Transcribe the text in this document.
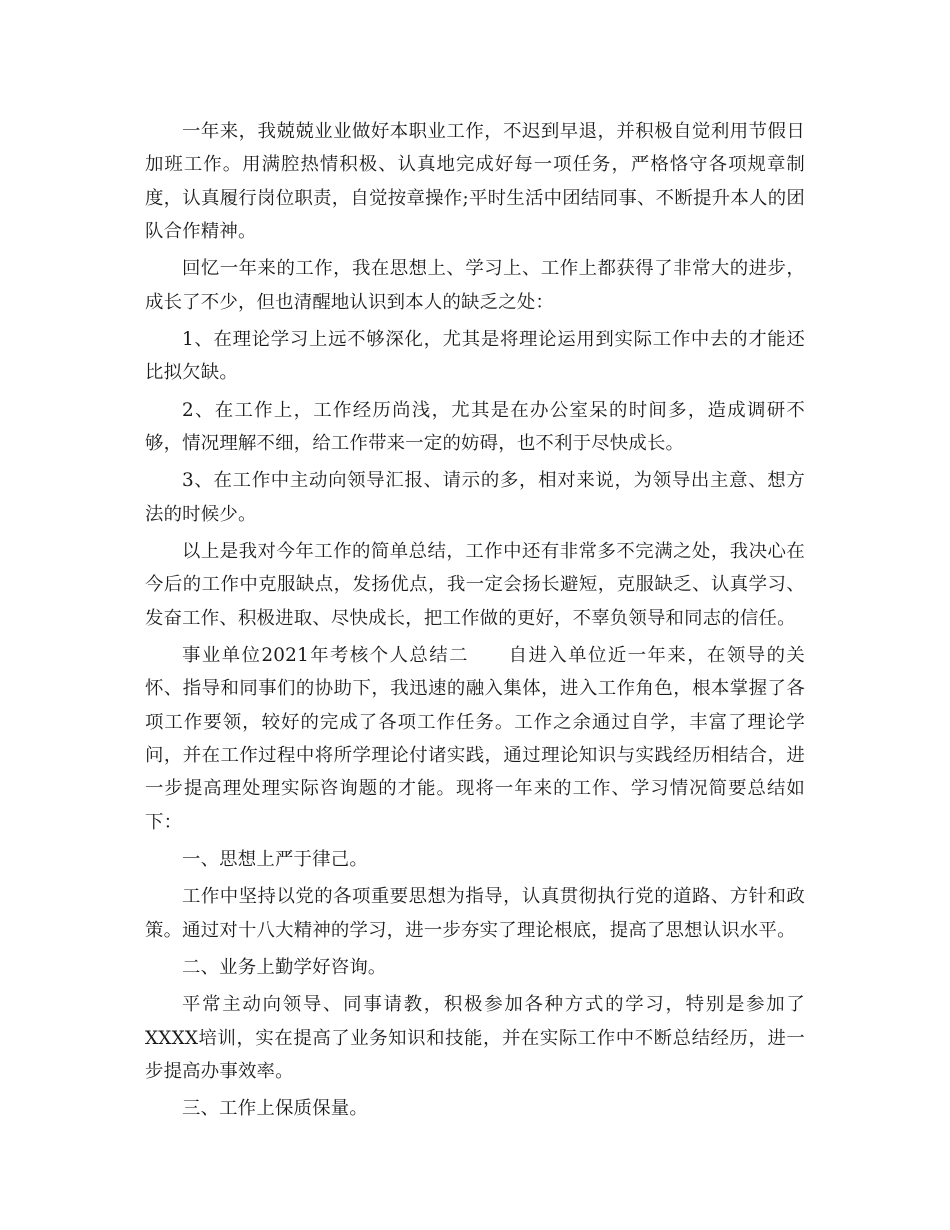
一年来，我兢兢业业做好本职业工作，不迟到早退，并积极自觉利用节假日加班工作。用满腔热情积极、认真地完成好每一项任务，严格恪守各项规章制度，认真履行岗位职责，自觉按章操作;平时生活中团结同事、不断提升本人的团队合作精神。

回忆一年来的工作，我在思想上、学习上、工作上都获得了非常大的进步，成长了不少，但也清醒地认识到本人的缺乏之处：

1、在理论学习上远不够深化，尤其是将理论运用到实际工作中去的才能还比拟欠缺。

2、在工作上，工作经历尚浅，尤其是在办公室呆的时间多，造成调研不够，情况理解不细，给工作带来一定的妨碍，也不利于尽快成长。

3、在工作中主动向领导汇报、请示的多，相对来说，为领导出主意、想方法的时候少。

以上是我对今年工作的简单总结，工作中还有非常多不完满之处，我决心在今后的工作中克服缺点，发扬优点，我一定会扬长避短，克服缺乏、认真学习、发奋工作、积极进取、尽快成长，把工作做的更好，不辜负领导和同志的信任。

事业单位2021年考核个人总结二　　自进入单位近一年来，在领导的关怀、指导和同事们的协助下，我迅速的融入集体，进入工作角色，根本掌握了各项工作要领，较好的完成了各项工作任务。工作之余通过自学，丰富了理论学问，并在工作过程中将所学理论付诸实践，通过理论知识与实践经历相结合，进一步提高理处理实际咨询题的才能。现将一年来的工作、学习情况简要总结如下：

一、思想上严于律己。

工作中坚持以党的各项重要思想为指导，认真贯彻执行党的道路、方针和政策。通过对十八大精神的学习，进一步夯实了理论根底，提高了思想认识水平。

二、业务上勤学好咨询。

平常主动向领导、同事请教，积极参加各种方式的学习，特别是参加了XXXX培训，实在提高了业务知识和技能，并在实际工作中不断总结经历，进一步提高办事效率。

三、工作上保质保量。
